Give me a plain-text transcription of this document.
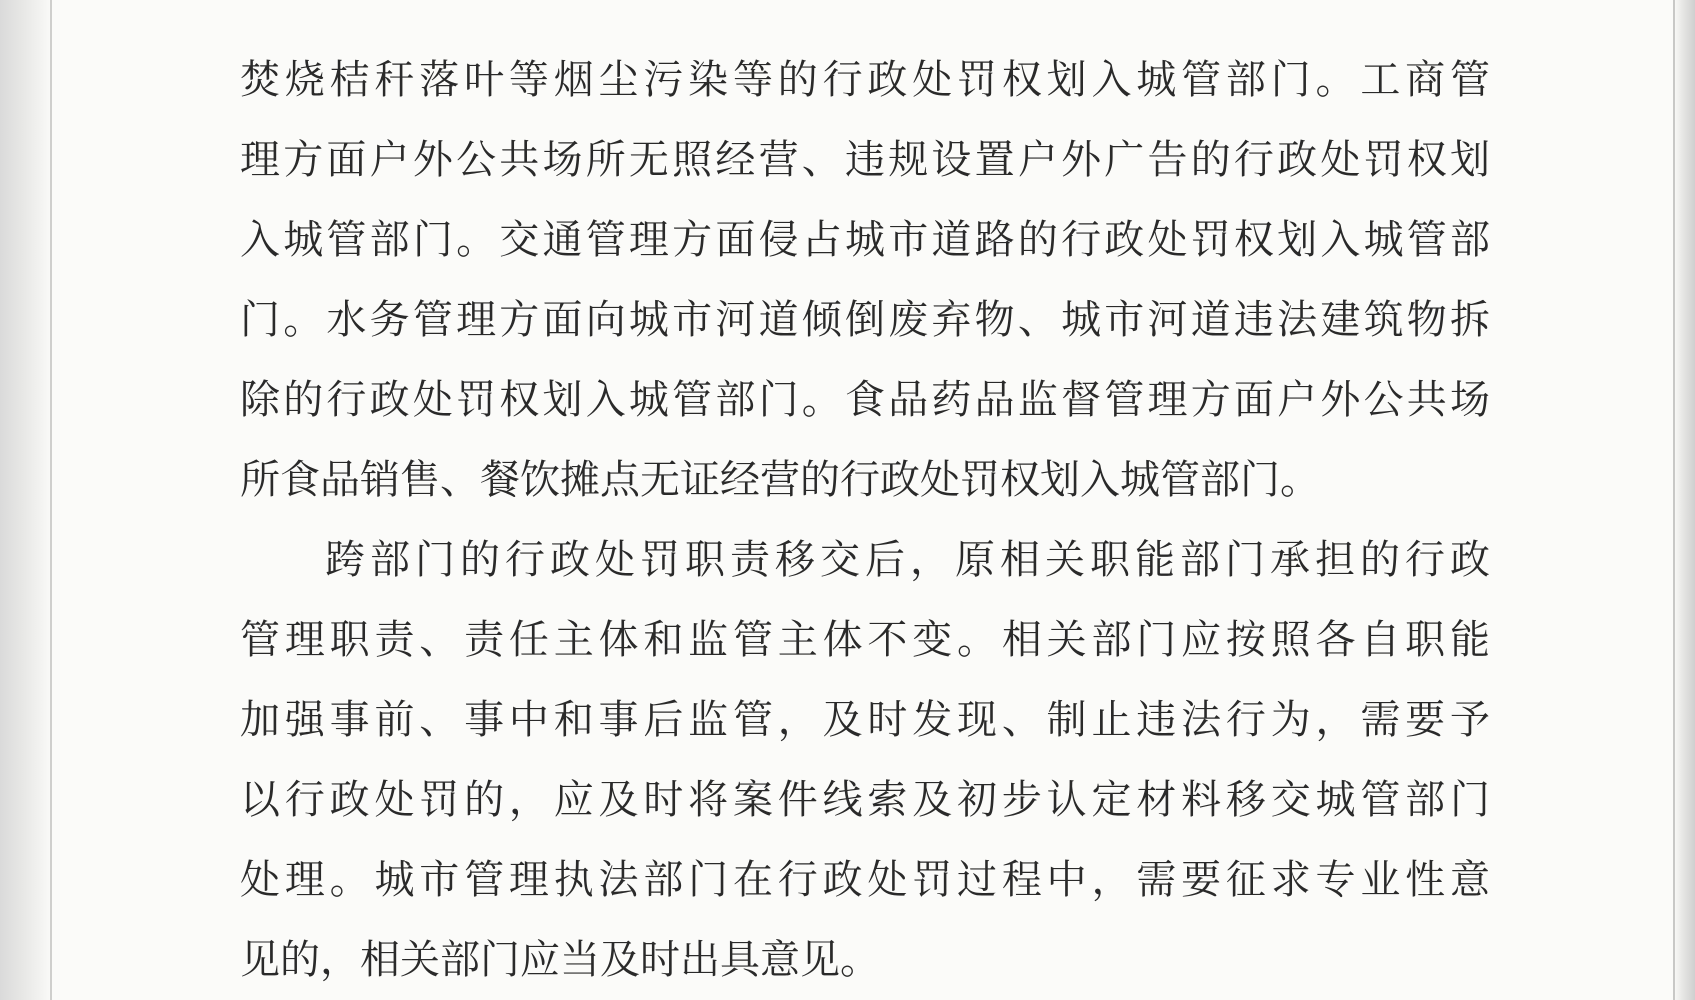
焚烧桔秆落叶等烟尘污染等的行政处罚权划入城管部门。工商管
理方面户外公共场所无照经营、违规设置户外广告的行政处罚权划
入城管部门。交通管理方面侵占城市道路的行政处罚权划入城管部
门。水务管理方面向城市河道倾倒废弃物、城市河道违法建筑物拆
除的行政处罚权划入城管部门。食品药品监督管理方面户外公共场
所食品销售、餐饮摊点无证经营的行政处罚权划入城管部门。
跨部门的行政处罚职责移交后，原相关职能部门承担的行政
管理职责、责任主体和监管主体不变。相关部门应按照各自职能
加强事前、事中和事后监管，及时发现、制止违法行为，需要予
以行政处罚的，应及时将案件线索及初步认定材料移交城管部门
处理。城市管理执法部门在行政处罚过程中，需要征求专业性意
见的，相关部门应当及时出具意见。
